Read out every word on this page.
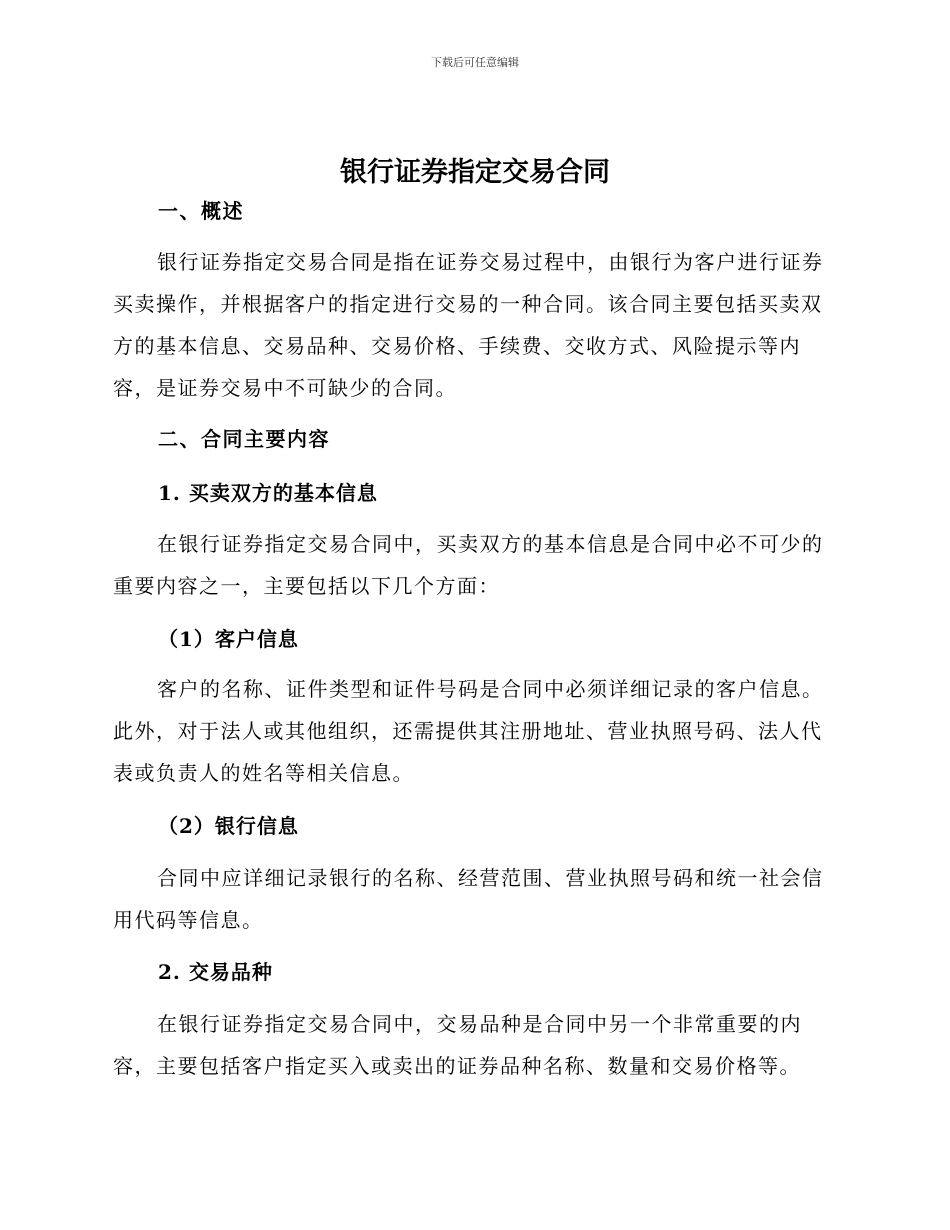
下载后可任意编辑
银行证券指定交易合同
一、概述
银行证券指定交易合同是指在证券交易过程中，由银行为客户进行证券买卖操作，并根据客户的指定进行交易的一种合同。该合同主要包括买卖双方的基本信息、交易品种、交易价格、手续费、交收方式、风险提示等内容，是证券交易中不可缺少的合同。
二、合同主要内容
1. 买卖双方的基本信息
在银行证券指定交易合同中，买卖双方的基本信息是合同中必不可少的重要内容之一，主要包括以下几个方面：
（1）客户信息
客户的名称、证件类型和证件号码是合同中必须详细记录的客户信息。此外，对于法人或其他组织，还需提供其注册地址、营业执照号码、法人代表或负责人的姓名等相关信息。
（2）银行信息
合同中应详细记录银行的名称、经营范围、营业执照号码和统一社会信用代码等信息。
2. 交易品种
在银行证券指定交易合同中，交易品种是合同中另一个非常重要的内容，主要包括客户指定买入或卖出的证券品种名称、数量和交易价格等。
